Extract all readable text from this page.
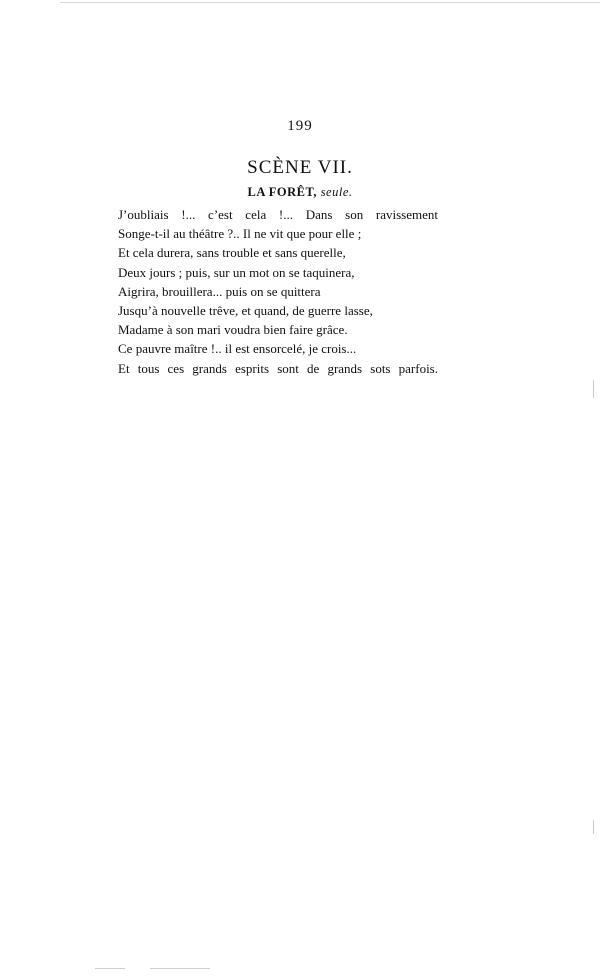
199
SCÈNE VII.
LA FORÊT, seule.
J’oubliais !... c’est cela !... Dans son ravissement
Songe-t-il au théâtre ?.. Il ne vit que pour elle ;
Et cela durera, sans trouble et sans querelle,
Deux jours ; puis, sur un mot on se taquinera,
Aigrira, brouillera... puis on se quittera
Jusqu’à nouvelle trêve, et quand, de guerre lasse,
Madame à son mari voudra bien faire grâce.
Ce pauvre maître !.. il est ensorcelé, je crois...
Et tous ces grands esprits sont de grands sots parfois.
